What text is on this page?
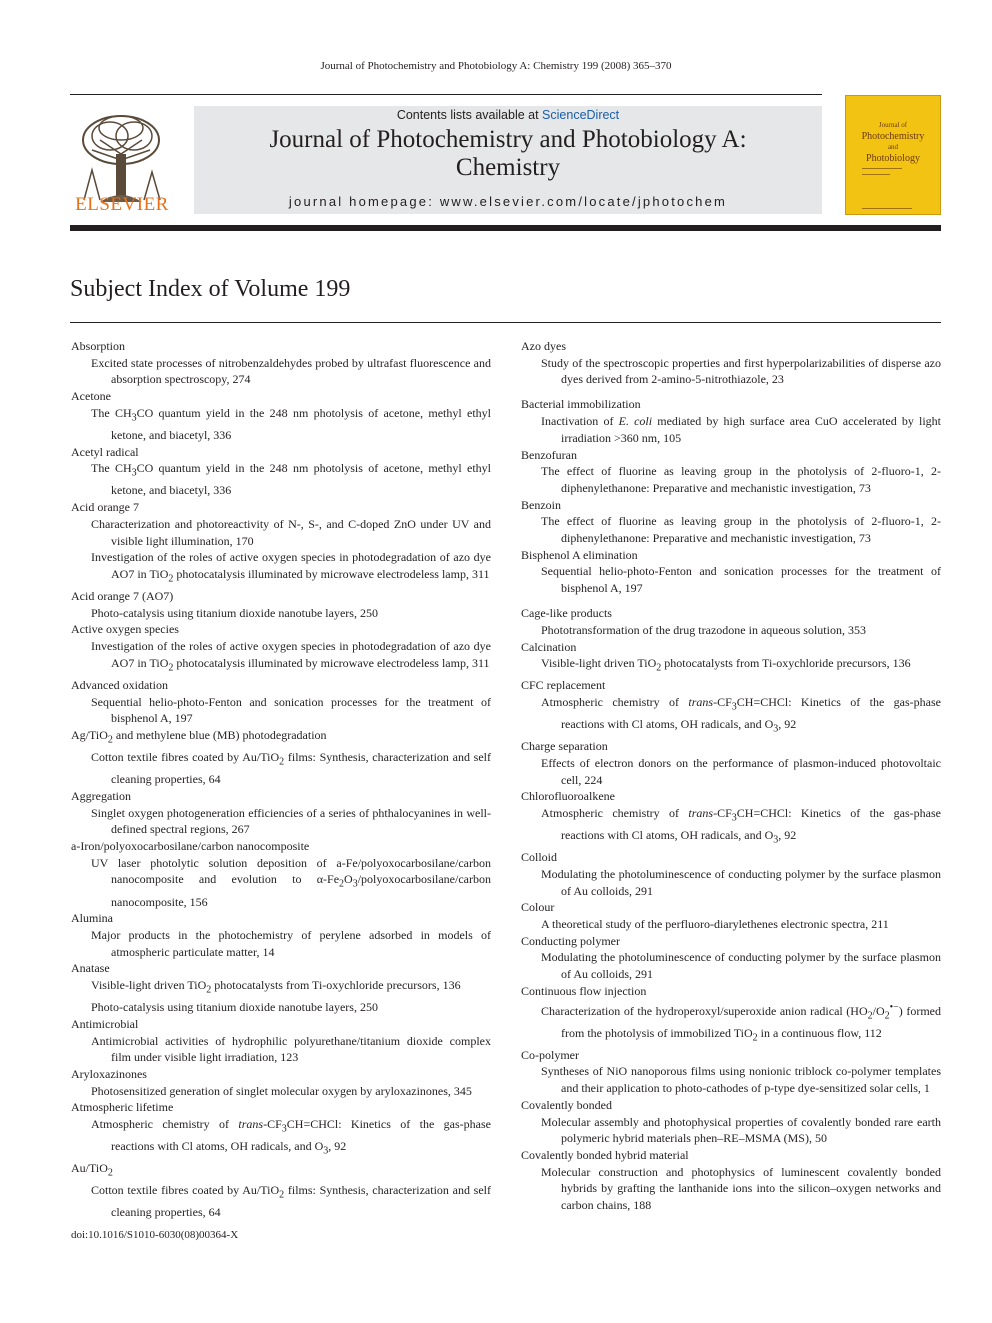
Journal of Photochemistry and Photobiology A: Chemistry 199 (2008) 365–370
ELSEVIER
Contents lists available at ScienceDirect
Journal of Photochemistry and Photobiology A:
Chemistry
journal homepage: www.elsevier.com/locate/jphotochem
Journal of
Photochemistry
and
Photobiology
Subject Index of Volume 199

Absorption

Excited state processes of nitrobenzaldehydes probed by ultrafast fluorescence and absorption spectroscopy, 274

Acetone

The $CH_3CO$ quantum yield in the 248 nm photolysis of acetone, methyl ethyl ketone, and biacetyl, 336

Acetyl radical

The $CH_3CO$ quantum yield in the 248 nm photolysis of acetone, methyl ethyl ketone, and biacetyl, 336

Acid orange 7

Characterization and photoreactivity of N-, S-, and C-doped ZnO under UV and visible light illumination, 170

Investigation of the roles of active oxygen species in photodegradation of azo dye AO7 in TiO$_2$ photocatalysis illuminated by microwave electrodeless lamp, 311

Acid orange 7 (AO7)

Photo-catalysis using titanium dioxide nanotube layers, 250

Active oxygen species

Investigation of the roles of active oxygen species in photodegradation of azo dye AO7 in TiO$_2$ photocatalysis illuminated by microwave electrodeless lamp, 311

Advanced oxidation

Sequential helio-photo-Fenton and sonication processes for the treatment of bisphenol A, 197

Ag/TiO$_2$ and methylene blue (MB) photodegradation

Cotton textile fibres coated by Au/TiO$_2$ films: Synthesis, characterization and self cleaning properties, 64

Aggregation

Singlet oxygen photogeneration efficiencies of a series of phthalocyanines in well-defined spectral regions, 267

a-Iron/polyoxocarbosilane/carbon nanocomposite

UV laser photolytic solution deposition of a-Fe/polyoxocarbosilane/carbon nanocomposite and evolution to $\alpha-Fe_2O_3/polyoxocarbosilane$/carbon nanocomposite, 156

Alumina

Major products in the photochemistry of perylene adsorbed in models of atmospheric particulate matter, 14

Anatase

Visible-light driven TiO$_2$ photocatalysts from Ti-oxychloride precursors, 136

Photo-catalysis using titanium dioxide nanotube layers, 250

Antimicrobial

Antimicrobial activities of hydrophilic polyurethane/titanium dioxide complex film under visible light irradiation, 123

Aryloxazinones

Photosensitized generation of singlet molecular oxygen by aryloxazinones, 345

Atmospheric lifetime

Atmospheric chemistry of trans-$CF_3CH=CHCl$: Kinetics of the gas-phase reactions with Cl atoms, OH radicals, and $O_3$, 92

Au/TiO$_2$

Cotton textile fibres coated by Au/TiO$_2$ films: Synthesis, characterization and self cleaning properties, 64

Azo dyes

Study of the spectroscopic properties and first hyperpolarizabilities of disperse azo dyes derived from 2-amino-5-nitrothiazole, 23

Bacterial immobilization

Inactivation of E. coli mediated by high surface area CuO accelerated by light irradiation >360 nm, 105

Benzofuran

The effect of fluorine as leaving group in the photolysis of 2-fluoro-1, 2-diphenylethanone: Preparative and mechanistic investigation, 73

Benzoin

The effect of fluorine as leaving group in the photolysis of 2-fluoro-1, 2-diphenylethanone: Preparative and mechanistic investigation, 73

Bisphenol A elimination

Sequential helio-photo-Fenton and sonication processes for the treatment of bisphenol A, 197

Cage-like products

Phototransformation of the drug trazodone in aqueous solution, 353

Calcination

Visible-light driven TiO$_2$ photocatalysts from Ti-oxychloride precursors, 136

CFC replacement

Atmospheric chemistry of trans-$CF_3CH=CHCl$: Kinetics of the gas-phase reactions with Cl atoms, OH radicals, and $O_3$, 92

Charge separation

Effects of electron donors on the performance of plasmon-induced photovoltaic cell, 224

Chlorofluoroalkene

Atmospheric chemistry of trans-$CF_3CH=CHCl$: Kinetics of the gas-phase reactions with Cl atoms, OH radicals, and $O_3$, 92

Colloid

Modulating the photoluminescence of conducting polymer by the surface plasmon of Au colloids, 291

Colour

A theoretical study of the perfluoro-diarylethenes electronic spectra, 211

Conducting polymer

Modulating the photoluminescence of conducting polymer by the surface plasmon of Au colloids, 291

Continuous flow injection

Characterization of the hydroperoxyl/superoxide anion radical $(HO_2/O_2^{•-})$ formed from the photolysis of immobilized TiO$_2$ in a continuous flow, 112

Co-polymer

Syntheses of NiO nanoporous films using nonionic triblock co-polymer templates and their application to photo-cathodes of p-type dye-sensitized solar cells, 1

Covalently bonded

Molecular assembly and photophysical properties of covalently bonded rare earth polymeric hybrid materials phen–RE–MSMA (MS), 50

Covalently bonded hybrid material

Molecular construction and photophysics of luminescent covalently bonded hybrids by grafting the lanthanide ions into the silicon–oxygen networks and carbon chains, 188

doi:10.1016/S1010-6030(08)00364-X
